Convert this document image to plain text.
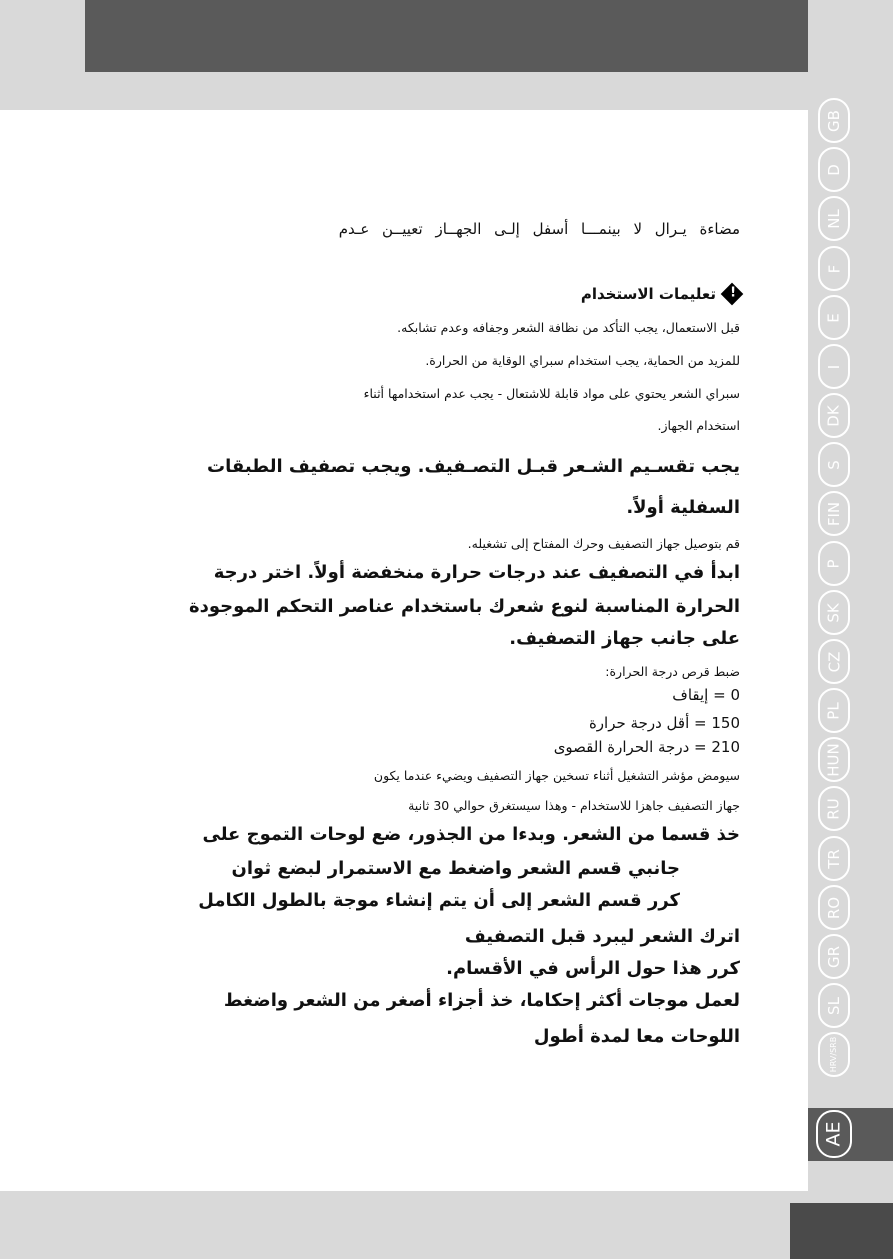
GB
D
NL
F
E
I
DK
S
FIN
P
SK
CZ
PL
HUN
RU
TR
RO
GR
SL
HRV/SRB
AE

مضاءة يـرال لا بينمـــا أسفل إلـى الجهــاز تعييــن عـدم

!
تعليمات الاستخدام

قبل الاستعمال، يجب التأكد من نظافة الشعر وجفافه وعدم تشابكه.

للمزيد من الحماية، يجب استخدام سبراي الوقاية من الحرارة.

سبراي الشعر يحتوي على مواد قابلة للاشتعال - يجب عدم استخدامها أثناء

استخدام الجهاز.

يجب تقسـيم الشـعر قبـل التصـفيف. ويجب تصفيف الطبقات

السفلية أولاً.

قم بتوصيل جهاز التصفيف وحرك المفتاح إلى تشغيله.

ابدأ في التصفيف عند درجات حرارة منخفضة أولاً. اختر درجة

الحرارة المناسبة لنوع شعرك باستخدام عناصر التحكم الموجودة

على جانب جهاز التصفيف.

ضبط قرص درجة الحرارة:

0 = إيقاف

150 = أقل درجة حرارة

210 = درجة الحرارة القصوى

سيومض مؤشر التشغيل أثناء تسخين جهاز التصفيف ويضيء عندما يكون

جهاز التصفيف جاهزا للاستخدام - وهذا سيستغرق حوالي 30 ثانية

خذ قسما من الشعر. وبدءا من الجذور، ضع لوحات التموج على

جانبي قسم الشعر واضغط مع الاستمرار لبضع ثوان

كرر قسم الشعر إلى أن يتم إنشاء موجة بالطول الكامل

اترك الشعر ليبرد قبل التصفيف

كرر هذا حول الرأس في الأقسام.

لعمل موجات أكثر إحكاما، خذ أجزاء أصغر من الشعر واضغط

اللوحات معا لمدة أطول
